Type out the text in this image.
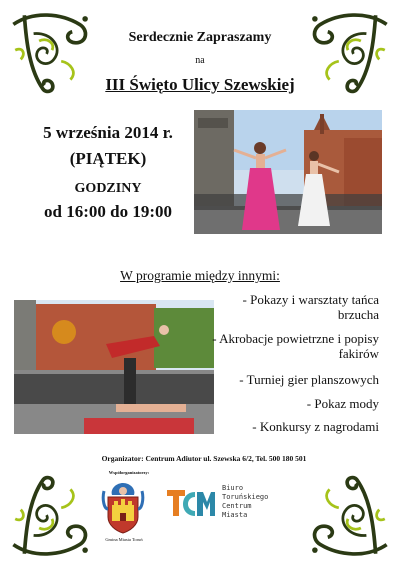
Serdecznie Zapraszamy
na
III Święto Ulicy Szewskiej
5 września 2014 r.
(PIĄTEK)
GODZINY
od 16:00 do 19:00
W programie między innymi:
- Pokazy i warsztaty tańca brzucha
- Akrobacje powietrzne i popisy fakirów
- Turniej gier planszowych
- Pokaz mody
- Konkursy z nagrodami
Organizator: Centrum Adiutor ul. Szewska 6/2, Tel. 500 180 501
Współorganizatorzy:
Gmina Miasta Toruń
Biuro
Toruńskiego
Centrum
Miasta
